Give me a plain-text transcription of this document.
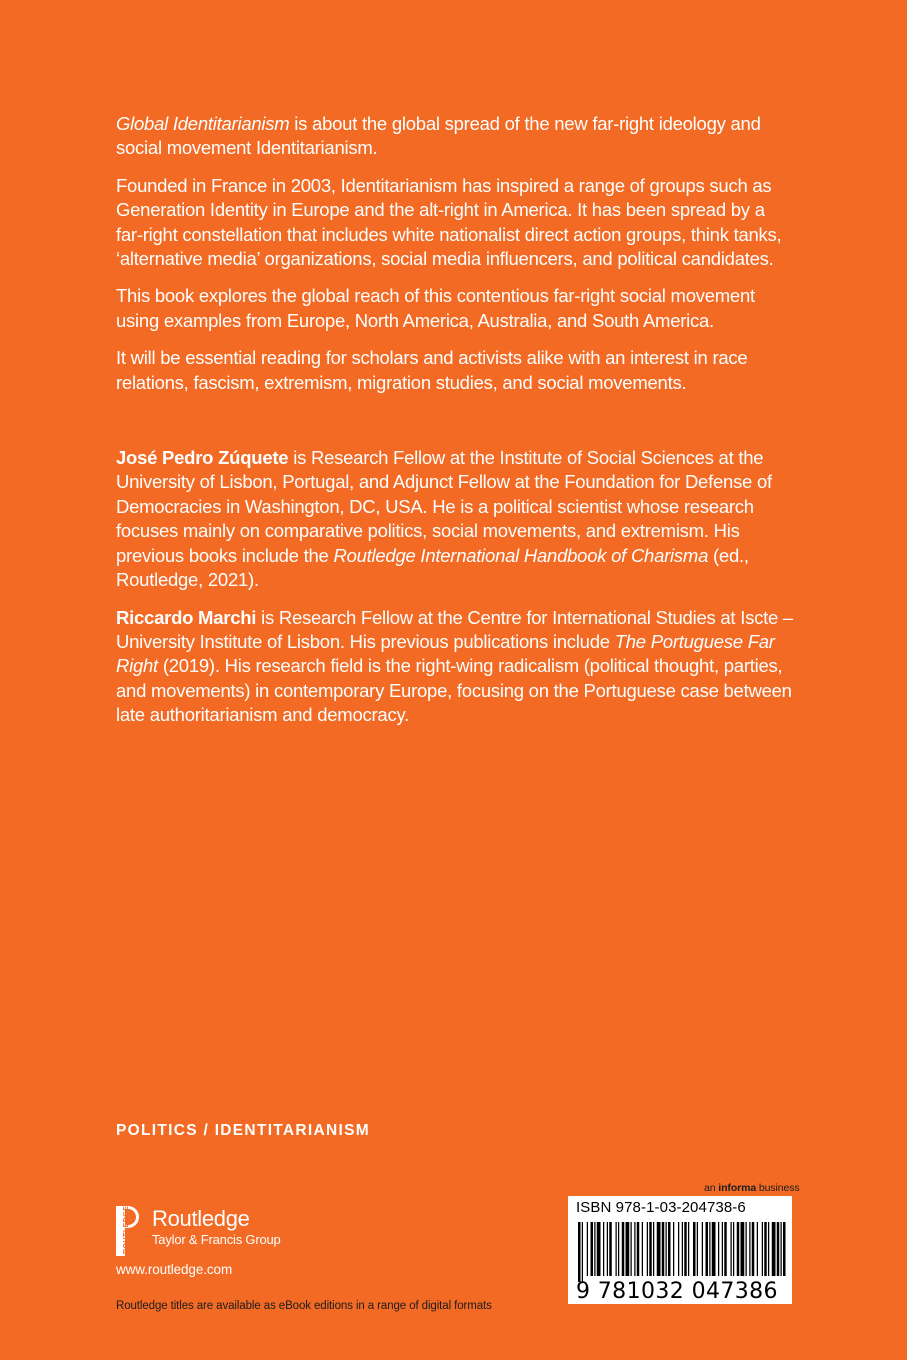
Global Identitarianism is about the global spread of the new far-right ideology and social movement Identitarianism.

Founded in France in 2003, Identitarianism has inspired a range of groups such as Generation Identity in Europe and the alt-right in America. It has been spread by a far-right constellation that includes white nationalist direct action groups, think tanks, ‘alternative media’ organizations, social media influencers, and political candidates.

This book explores the global reach of this contentious far-right social movement using examples from Europe, North America, Australia, and South America.

It will be essential reading for scholars and activists alike with an interest in race relations, fascism, extremism, migration studies, and social movements.

José Pedro Zúquete is Research Fellow at the Institute of Social Sciences at the University of Lisbon, Portugal, and Adjunct Fellow at the Foundation for Defense of Democracies in Washington, DC, USA. He is a political scientist whose research focuses mainly on comparative politics, social movements, and extremism. His previous books include the Routledge International Handbook of Charisma (ed., Routledge, 2021).

Riccardo Marchi is Research Fellow at the Centre for International Studies at Iscte – University Institute of Lisbon. His previous publications include The Portuguese Far Right (2019). His research field is the right-wing radicalism (political thought, parties, and movements) in contemporary Europe, focusing on the Portuguese case between late authoritarianism and democracy.

POLITICS / IDENTITARIANISM
ROUTLEDGE Routledge
Taylor & Francis Group
www.routledge.com
Routledge titles are available as eBook editions in a range of digital formats
an informa business
ISBN 978-1-03-204738-6
9 781032 047386
